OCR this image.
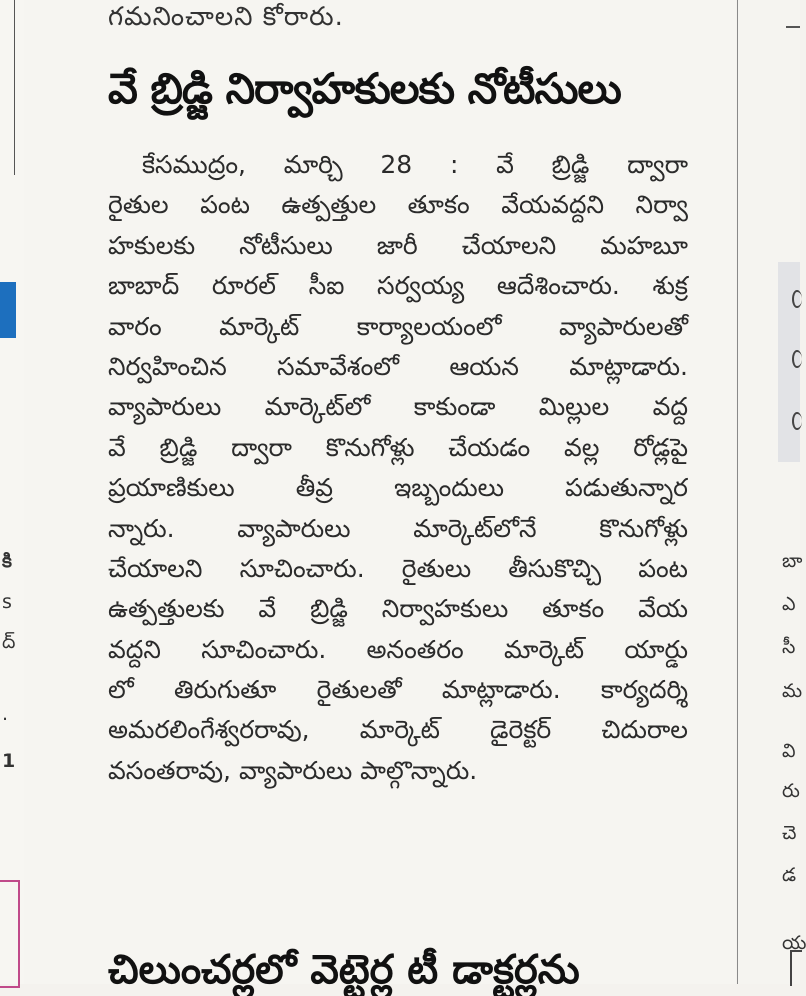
కి
s
ద్
.
1
గమనించాలని కోరారు.
వే బ్రిడ్జి నిర్వాహకులకు నోటీసులు
కేసముద్రం, మార్చి 28 : వే బ్రిడ్జి ద్వారా
రైతుల పంట ఉత్పత్తుల తూకం వేయవద్దని నిర్వా
హకులకు నోటీసులు జారీ చేయాలని మహబూ
బాబాద్ రూరల్ సీఐ సర్వయ్య ఆదేశించారు. శుక్ర
వారం మార్కెట్ కార్యాలయంలో వ్యాపారులతో
నిర్వహించిన సమావేశంలో ఆయన మాట్లాడారు.
వ్యాపారులు మార్కెట్‌లో కాకుండా మిల్లుల వద్ద
వే బ్రిడ్జి ద్వారా కొనుగోళ్లు చేయడం వల్ల రోడ్లపై
ప్రయాణికులు తీవ్ర ఇబ్బందులు పడుతున్నార
న్నారు. వ్యాపారులు మార్కెట్‌లోనే కొనుగోళ్లు
చేయాలని సూచించారు. రైతులు తీసుకొచ్చి పంట
ఉత్పత్తులకు వే బ్రిడ్జి నిర్వాహకులు తూకం వేయ
వద్దని సూచించారు. అనంతరం మార్కెట్ యార్డు
లో తిరుగుతూ రైతులతో మాట్లాడారు. కార్యదర్శి
అమరలింగేశ్వరరావు, మార్కెట్ డైరెక్టర్ చిదురాల
వసంతరావు, వ్యాపారులు పాల్గొన్నారు.
చిలుంచర్లలో వెట్టెర్ల టీ డాక్టర్లను
బా
ఎ
సీ
మ
వి
రు
చె
డ
య
